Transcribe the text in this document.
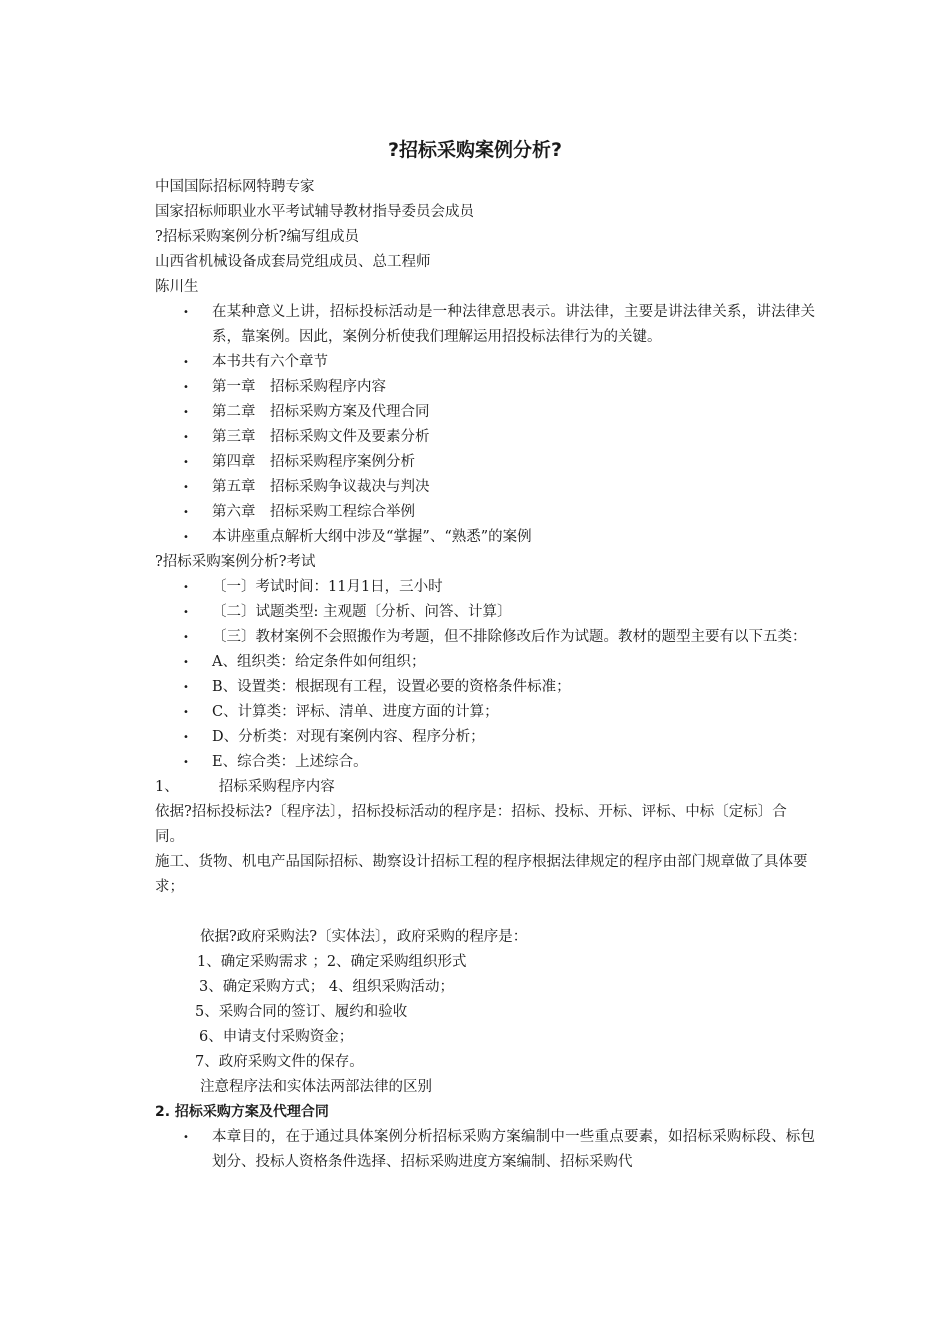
?招标采购案例分析?

中国国际招标网特聘专家

国家招标师职业水平考试辅导教材指导委员会成员

?招标采购案例分析?编写组成员

山西省机械设备成套局党组成员、总工程师

陈川生

• 在某种意义上讲，招标投标活动是一种法律意思表示。讲法律，主要是讲法律关系，讲法律关系，靠案例。因此，案例分析使我们理解运用招投标法律行为的关键。
• 本书共有六个章节
• 第一章　招标采购程序内容
• 第二章　招标采购方案及代理合同
• 第三章　招标采购文件及要素分析
• 第四章　招标采购程序案例分析
• 第五章　招标采购争议裁决与判决
• 第六章　招标采购工程综合举例
• 本讲座重点解析大纲中涉及“掌握”、“熟悉”的案例

?招标采购案例分析?考试

• 〔一〕考试时间：11月1日，三小时
• 〔二〕试题类型: 主观题〔分析、问答、计算〕
• 〔三〕教材案例不会照搬作为考题，但不排除修改后作为试题。教材的题型主要有以下五类：
• A、组织类：给定条件如何组织；
• B、设置类：根据现有工程，设置必要的资格条件标准；
• C、计算类：评标、清单、进度方面的计算；
• D、分析类：对现有案例内容、程序分析；
• E、综合类：上述综合。

1、	招标采购程序内容

依据?招标投标法?〔程序法〕，招标投标活动的程序是：招标、投标、开标、评标、中标〔定标〕合同。

施工、货物、机电产品国际招标、勘察设计招标工程的程序根据法律规定的程序由部门规章做了具体要求；

依据?政府采购法?〔实体法〕，政府采购的程序是：

1、确定采购需求 ；2、确定采购组织形式

3、确定采购方式； 4、组织采购活动；

5、采购合同的签订、履约和验收

6、申请支付采购资金；

7、政府采购文件的保存。

注意程序法和实体法两部法律的区别

2. 招标采购方案及代理合同

• 本章目的，在于通过具体案例分析招标采购方案编制中一些重点要素，如招标采购标段、标包划分、投标人资格条件选择、招标采购进度方案编制、招标采购代
